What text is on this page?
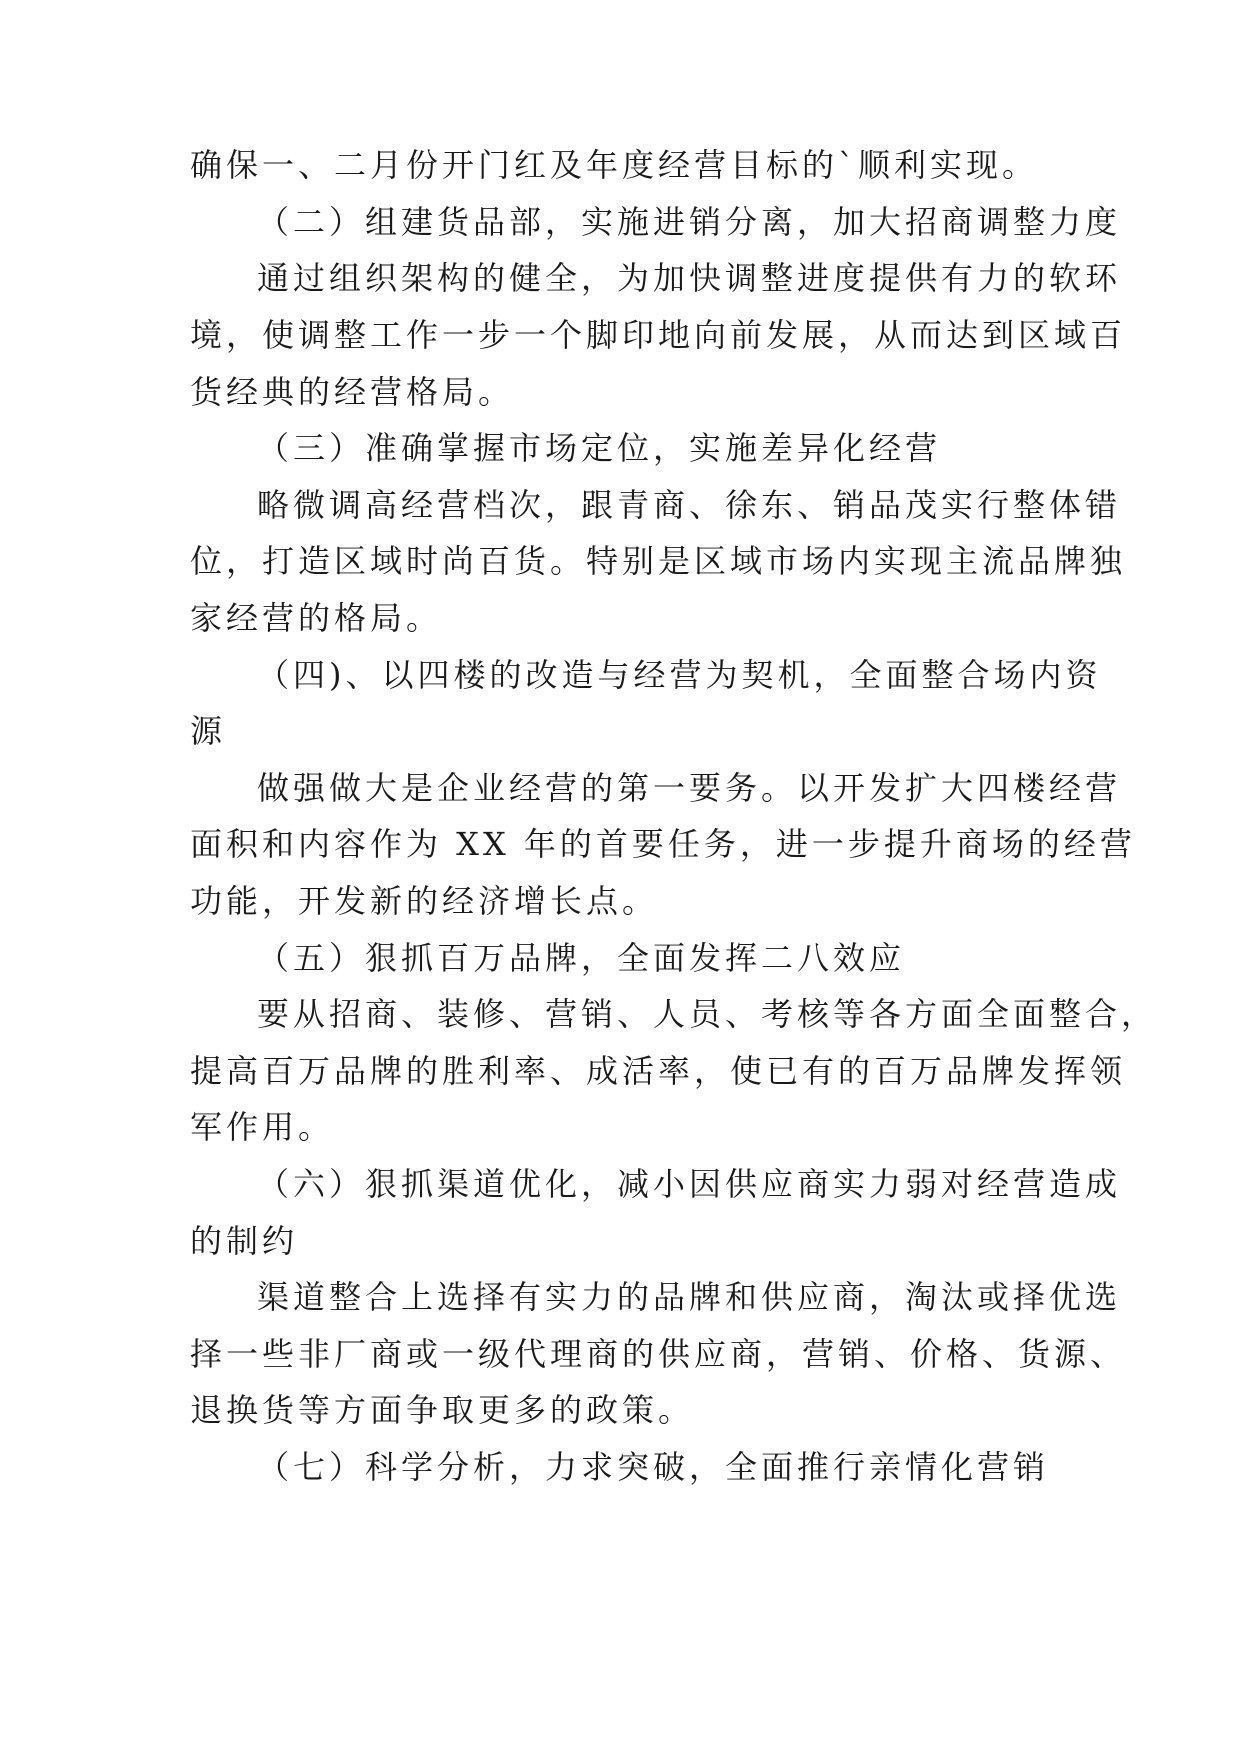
确保一、二月份开门红及年度经营目标的`顺利实现。
（二）组建货品部，实施进销分离，加大招商调整力度
通过组织架构的健全，为加快调整进度提供有力的软环
境，使调整工作一步一个脚印地向前发展，从而达到区域百
货经典的经营格局。
（三）准确掌握市场定位，实施差异化经营
略微调高经营档次，跟青商、徐东、销品茂实行整体错
位，打造区域时尚百货。特别是区域市场内实现主流品牌独
家经营的格局。
（四)、以四楼的改造与经营为契机，全面整合场内资
源
做强做大是企业经营的第一要务。以开发扩大四楼经营
面积和内容作为 XX 年的首要任务，进一步提升商场的经营
功能，开发新的经济增长点。
（五）狠抓百万品牌，全面发挥二八效应
要从招商、装修、营销、人员、考核等各方面全面整合，
提高百万品牌的胜利率、成活率，使已有的百万品牌发挥领
军作用。
（六）狠抓渠道优化，减小因供应商实力弱对经营造成
的制约
渠道整合上选择有实力的品牌和供应商，淘汰或择优选
择一些非厂商或一级代理商的供应商，营销、价格、货源、
退换货等方面争取更多的政策。
（七）科学分析，力求突破，全面推行亲情化营销
